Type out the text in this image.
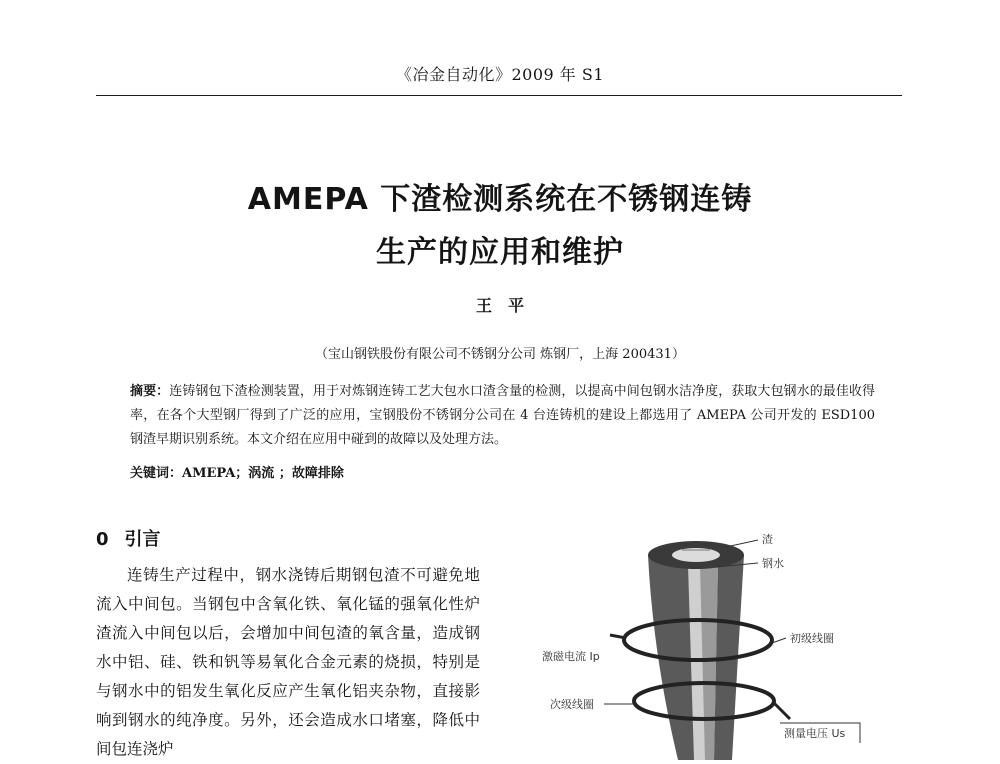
《冶金自动化》2009 年 S1
AMEPA 下渣检测系统在不锈钢连铸
生产的应用和维护
王　平
（宝山钢铁股份有限公司不锈钢分公司 炼钢厂，上海 200431）

摘要：连铸钢包下渣检测装置，用于对炼钢连铸工艺大包水口渣含量的检测，以提高中间包钢水洁净度，获取大包钢水的最佳收得率，在各个大型钢厂得到了广泛的应用，宝钢股份不锈钢分公司在 4 台连铸机的建设上都选用了 AMEPA 公司开发的 ESD100 钢渣早期识别系统。本文介绍在应用中碰到的故障以及处理方法。

关键词：AMEPA；涡流 ；故障排除
0 引言

连铸生产过程中，钢水浇铸后期钢包渣不可避免地流入中间包。当钢包中含氧化铁、氧化锰的强氧化性炉渣流入中间包以后，会增加中间包渣的氧含量，造成钢水中铝、硅、铁和钒等易氧化合金元素的烧损，特别是与钢水中的铝发生氧化反应产生氧化铝夹杂物，直接影响到钢水的纯净度。另外，还会造成水口堵塞，降低中间包连浇炉

渣
钢水
激磁电流 Ip
初级线圈
次级线圈
测量电压 Us
